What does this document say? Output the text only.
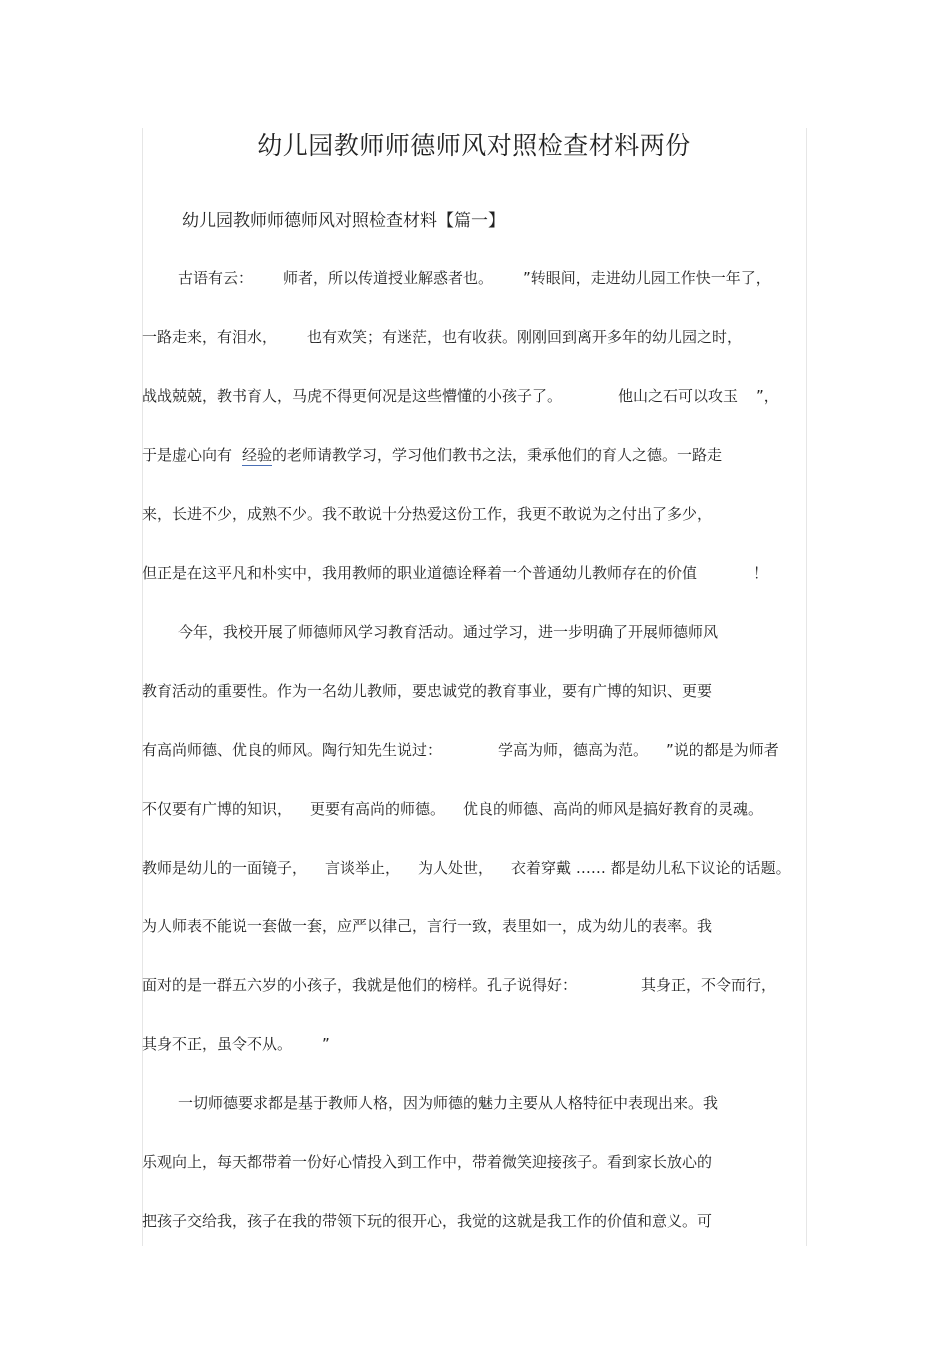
幼儿园教师师德师风对照检查材料两份
幼儿园教师师德师风对照检查材料【篇一】
古语有云： 师者，所以传道授业解惑者也。 ”转眼间，走进幼儿园工作快一年了，
一路走来，有泪水， 也有欢笑；有迷茫，也有收获。刚刚回到离开多年的幼儿园之时，
战战兢兢，教书育人，马虎不得更何况是这些懵懂的小孩子了。	他山之石可以攻玉 ”，
于是虚心向有 经验的老师请教学习，学习他们教书之法，秉承他们的育人之德。一路走
来，长进不少，成熟不少。我不敢说十分热爱这份工作，我更不敢说为之付出了多少，
但正是在这平凡和朴实中，我用教师的职业道德诠释着一个普通幼儿教师存在的价值	！
今年，我校开展了师德师风学习教育活动。通过学习，进一步明确了开展师德师风
教育活动的重要性。作为一名幼儿教师，要忠诚党的教育事业，要有广博的知识、更要
有高尚师德、优良的师风。陶行知先生说过：	学高为师，德高为范。 ”说的都是为师者
不仅要有广博的知识， 更要有高尚的师德。 优良的师德、高尚的师风是搞好教育的灵魂。
教师是幼儿的一面镜子， 言谈举止， 为人处世， 衣着穿戴 …… 都是幼儿私下议论的话题。
为人师表不能说一套做一套，应严以律己，言行一致，表里如一，成为幼儿的表率。我
面对的是一群五六岁的小孩子，我就是他们的榜样。孔子说得好：	其身正，不令而行，
其身不正，虽令不从。 ”
一切师德要求都是基于教师人格，因为师德的魅力主要从人格特征中表现出来。我
乐观向上，每天都带着一份好心情投入到工作中，带着微笑迎接孩子。看到家长放心的
把孩子交给我，孩子在我的带领下玩的很开心，我觉的这就是我工作的价值和意义。可
